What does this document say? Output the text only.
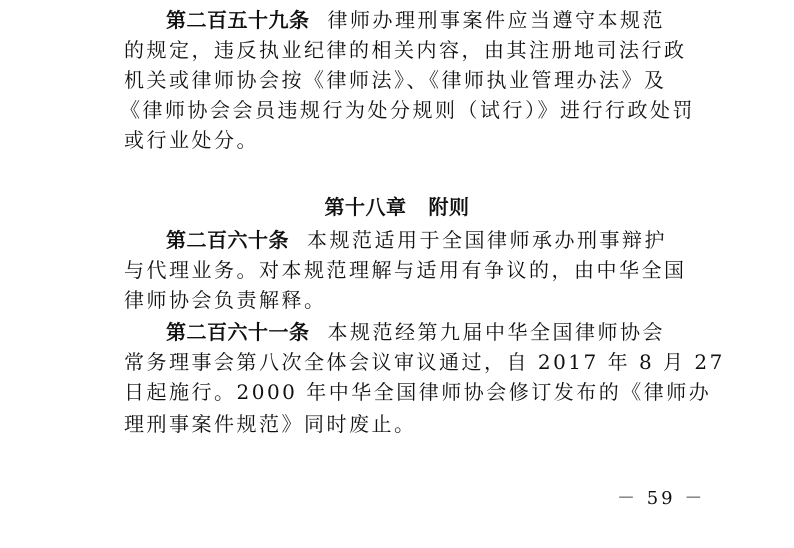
第二百五十九条 律师办理刑事案件应当遵守本规范
的规定，违反执业纪律的相关内容，由其注册地司法行政
机关或律师协会按《律师法》、《律师执业管理办法》及
《律师协会会员违规行为处分规则（试行）》进行行政处罚
或行业处分。
第十八章 附则
第二百六十条 本规范适用于全国律师承办刑事辩护
与代理业务。对本规范理解与适用有争议的，由中华全国
律师协会负责解释。
第二百六十一条 本规范经第九届中华全国律师协会
常务理事会第八次全体会议审议通过，自 2017 年 8 月 27
日起施行。2000 年中华全国律师协会修订发布的《律师办
理刑事案件规范》同时废止。
－ 59 －
